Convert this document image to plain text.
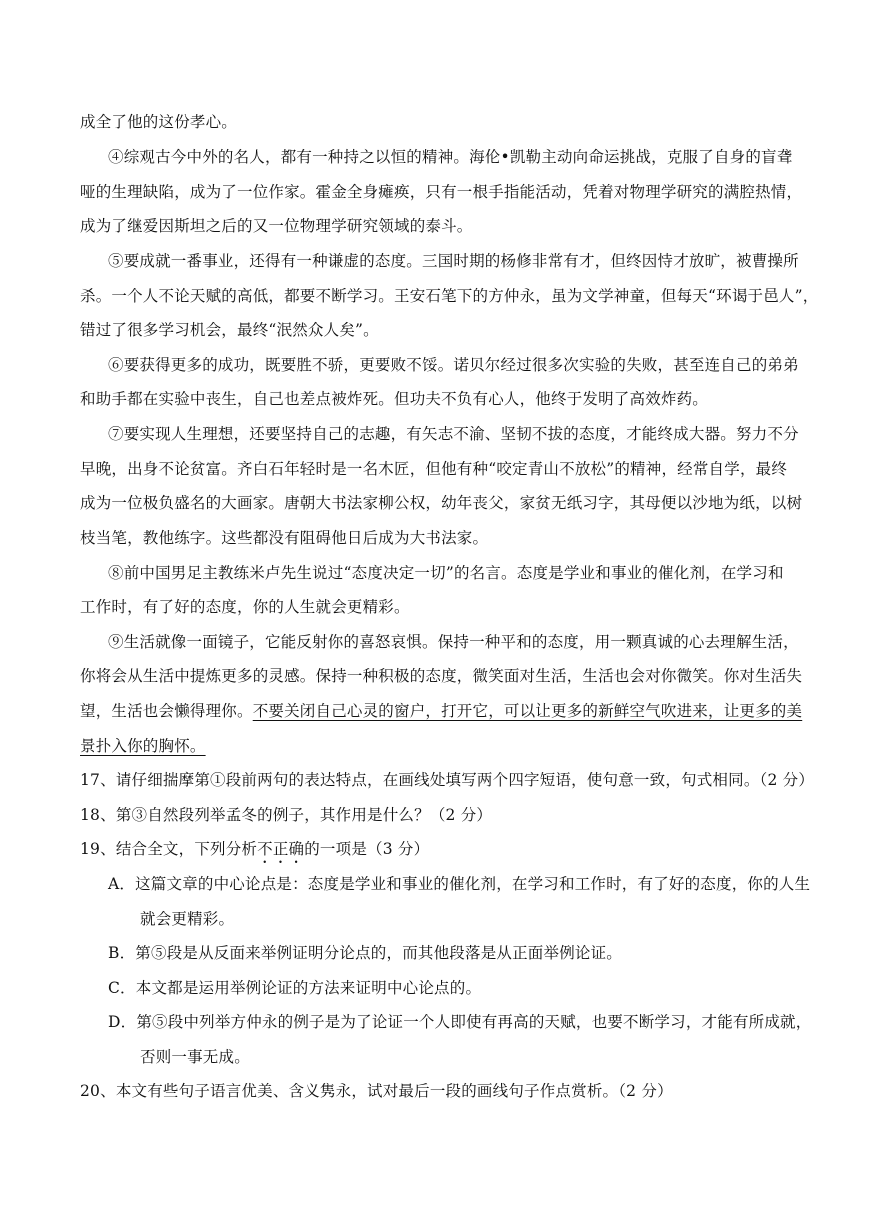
成全了他的这份孝心。
④综观古今中外的名人，都有一种持之以恒的精神。海伦•凯勒主动向命运挑战，克服了自身的盲聋
哑的生理缺陷，成为了一位作家。霍金全身瘫痪，只有一根手指能活动，凭着对物理学研究的满腔热情，
成为了继爱因斯坦之后的又一位物理学研究领域的泰斗。
⑤要成就一番事业，还得有一种谦虚的态度。三国时期的杨修非常有才，但终因恃才放旷，被曹操所
杀。一个人不论天赋的高低，都要不断学习。王安石笔下的方仲永，虽为文学神童，但每天“环谒于邑人”，
错过了很多学习机会，最终“泯然众人矣”。
⑥要获得更多的成功，既要胜不骄，更要败不馁。诺贝尔经过很多次实验的失败，甚至连自己的弟弟
和助手都在实验中丧生，自己也差点被炸死。但功夫不负有心人，他终于发明了高效炸药。
⑦要实现人生理想，还要坚持自己的志趣，有矢志不渝、坚韧不拔的态度，才能终成大器。努力不分
早晚，出身不论贫富。齐白石年轻时是一名木匠，但他有种“咬定青山不放松”的精神，经常自学，最终
成为一位极负盛名的大画家。唐朝大书法家柳公权，幼年丧父，家贫无纸习字，其母便以沙地为纸，以树
枝当笔，教他练字。这些都没有阻碍他日后成为大书法家。
⑧前中国男足主教练米卢先生说过“态度决定一切”的名言。态度是学业和事业的催化剂，在学习和
工作时，有了好的态度，你的人生就会更精彩。
⑨生活就像一面镜子，它能反射你的喜怒哀惧。保持一种平和的态度，用一颗真诚的心去理解生活，
你将会从生活中提炼更多的灵感。保持一种积极的态度，微笑面对生活，生活也会对你微笑。你对生活失
望，生活也会懒得理你。不要关闭自己心灵的窗户，打开它，可以让更多的新鲜空气吹进来，让更多的美
景扑入你的胸怀。
17、请仔细揣摩第①段前两句的表达特点，在画线处填写两个四字短语，使句意一致，句式相同。（2 分）
18、第③自然段列举孟冬的例子，其作用是什么？（2 分）
19、结合全文，下列分析不正确的一项是（3 分）
A．这篇文章的中心论点是：态度是学业和事业的催化剂，在学习和工作时，有了好的态度，你的人生
就会更精彩。
B．第⑤段是从反面来举例证明分论点的，而其他段落是从正面举例论证。
C．本文都是运用举例论证的方法来证明中心论点的。
D．第⑤段中列举方仲永的例子是为了论证一个人即使有再高的天赋，也要不断学习，才能有所成就，
否则一事无成。
20、本文有些句子语言优美、含义隽永，试对最后一段的画线句子作点赏析。（2 分）
